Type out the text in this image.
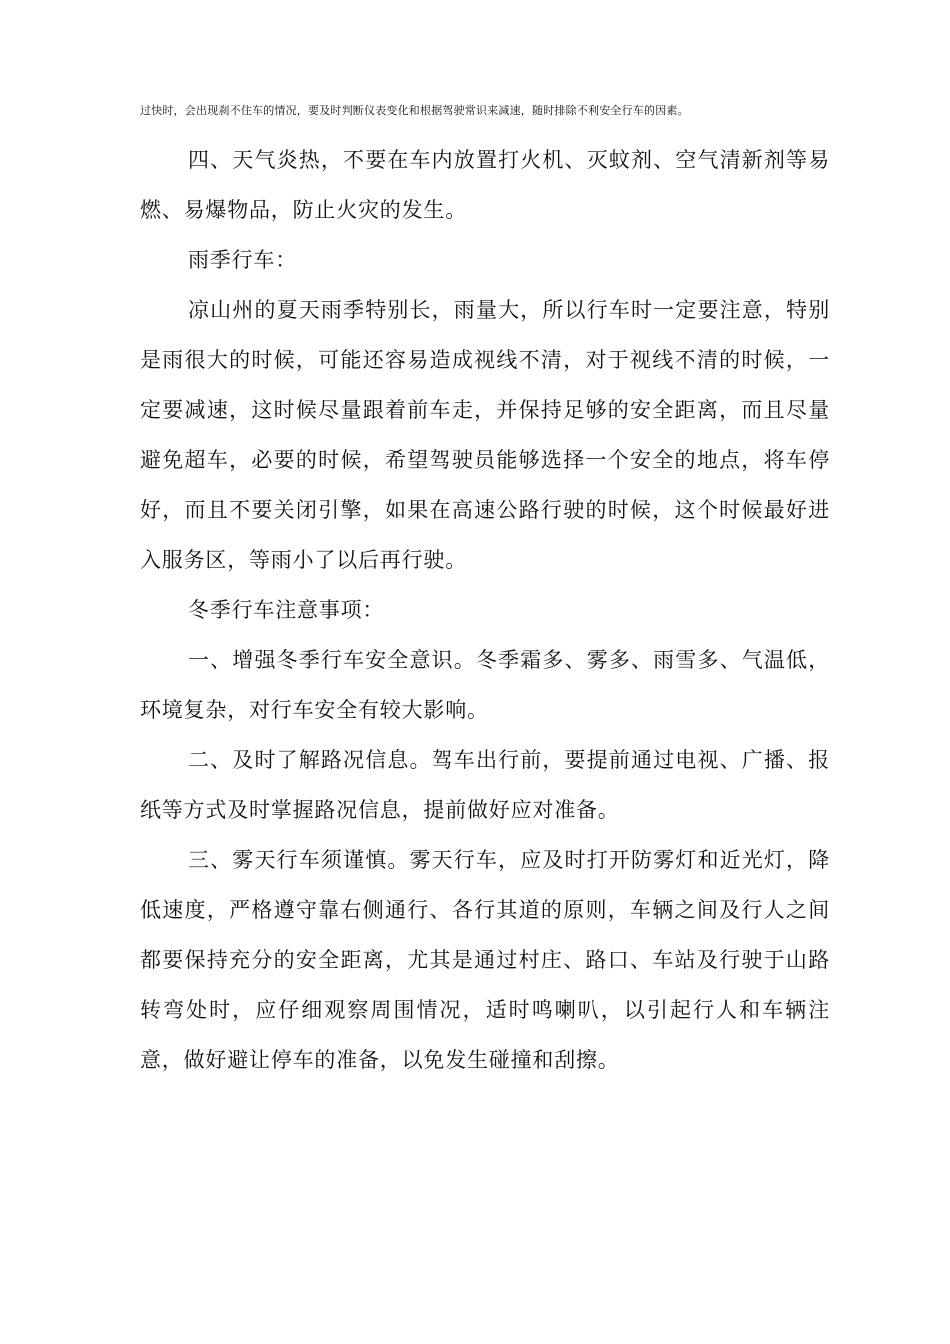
过快时，会出现刹不住车的情况，要及时判断仪表变化和根据驾驶常识来减速，随时排除不利安全行车的因素。

四、天气炎热，不要在车内放置打火机、灭蚊剂、空气清新剂等易燃、易爆物品，防止火灾的发生。

雨季行车：

凉山州的夏天雨季特别长，雨量大，所以行车时一定要注意，特别是雨很大的时候，可能还容易造成视线不清，对于视线不清的时候，一定要减速，这时候尽量跟着前车走，并保持足够的安全距离，而且尽量避免超车，必要的时候，希望驾驶员能够选择一个安全的地点，将车停好，而且不要关闭引擎，如果在高速公路行驶的时候，这个时候最好进入服务区，等雨小了以后再行驶。

冬季行车注意事项：

一、增强冬季行车安全意识。冬季霜多、雾多、雨雪多、气温低，环境复杂，对行车安全有较大影响。

二、及时了解路况信息。驾车出行前，要提前通过电视、广播、报纸等方式及时掌握路况信息，提前做好应对准备。

三、雾天行车须谨慎。雾天行车，应及时打开防雾灯和近光灯，降低速度，严格遵守靠右侧通行、各行其道的原则，车辆之间及行人之间都要保持充分的安全距离，尤其是通过村庄、路口、车站及行驶于山路转弯处时，应仔细观察周围情况，适时鸣喇叭，以引起行人和车辆注意，做好避让停车的准备，以免发生碰撞和刮擦。
